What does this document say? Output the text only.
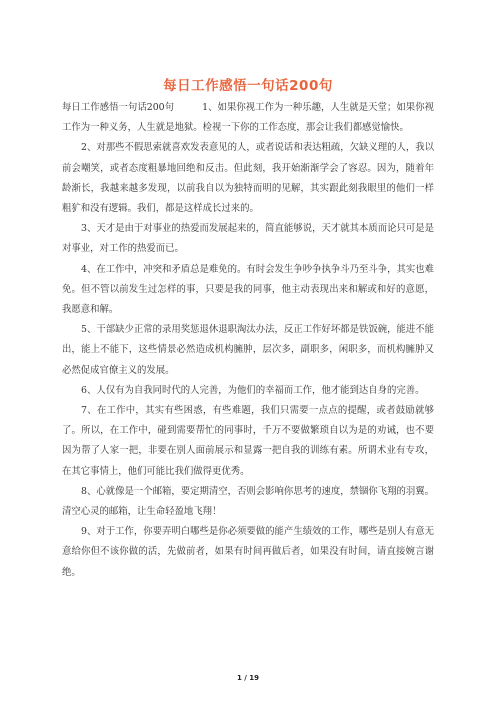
每日工作感悟一句话200句

每日工作感悟一句话200句	1、如果你视工作为一种乐趣，人生就是天堂；如果你视工作为一种义务，人生就是地狱。检视一下你的工作态度，那会让我们都感觉愉快。

2、对那些不假思索就喜欢发表意见的人，或者说话和表达粗疏，欠缺义理的人，我以前会嘲笑，或者态度粗暴地回绝和反击。但此刻，我开始渐渐学会了容忍。因为，随着年龄渐长，我越来越多发现，以前我自以为独特而明的见解，其实跟此刻我眼里的他们一样粗犷和没有逻辑。我们，都是这样成长过来的。

3、天才是由于对事业的热爱而发展起来的，简直能够说，天才就其本质而论只可是是对事业，对工作的热爱而已。

4、在工作中，冲突和矛盾总是难免的。有时会发生争吵争执争斗乃至斗争，其实也难免。但不管以前发生过怎样的事，只要是我的同事，他主动表现出来和解或和好的意愿，我愿意和解。

5、干部缺少正常的录用奖惩退休退职淘汰办法，反正工作好坏都是铁饭碗，能进不能出，能上不能下，这些情景必然造成机构臃肿，层次多，副职多，闲职多，而机构臃肿又必然促成官僚主义的发展。

6、人仅有为自我同时代的人完善，为他们的幸福而工作，他才能到达自身的完善。

7、在工作中，其实有些困惑，有些难题，我们只需要一点点的提醒，或者鼓励就够了。所以，在工作中，碰到需要帮忙的同事时，千万不要做繁琐自以为是的劝诫，也不要因为帮了人家一把，非要在别人面前展示和显露一把自我的训练有素。所谓术业有专攻，在其它事情上，他们可能比我们做得更优秀。

8、心就像是一个邮箱，要定期清空，否则会影响你思考的速度，禁锢你飞翔的羽翼。清空心灵的邮箱，让生命轻盈地飞翔！

9、对于工作，你要弄明白哪些是你必须要做的能产生绩效的工作，哪些是别人有意无意给你但不该你做的活，先做前者，如果有时间再做后者，如果没有时间，请直接婉言谢绝。

1 / 19
